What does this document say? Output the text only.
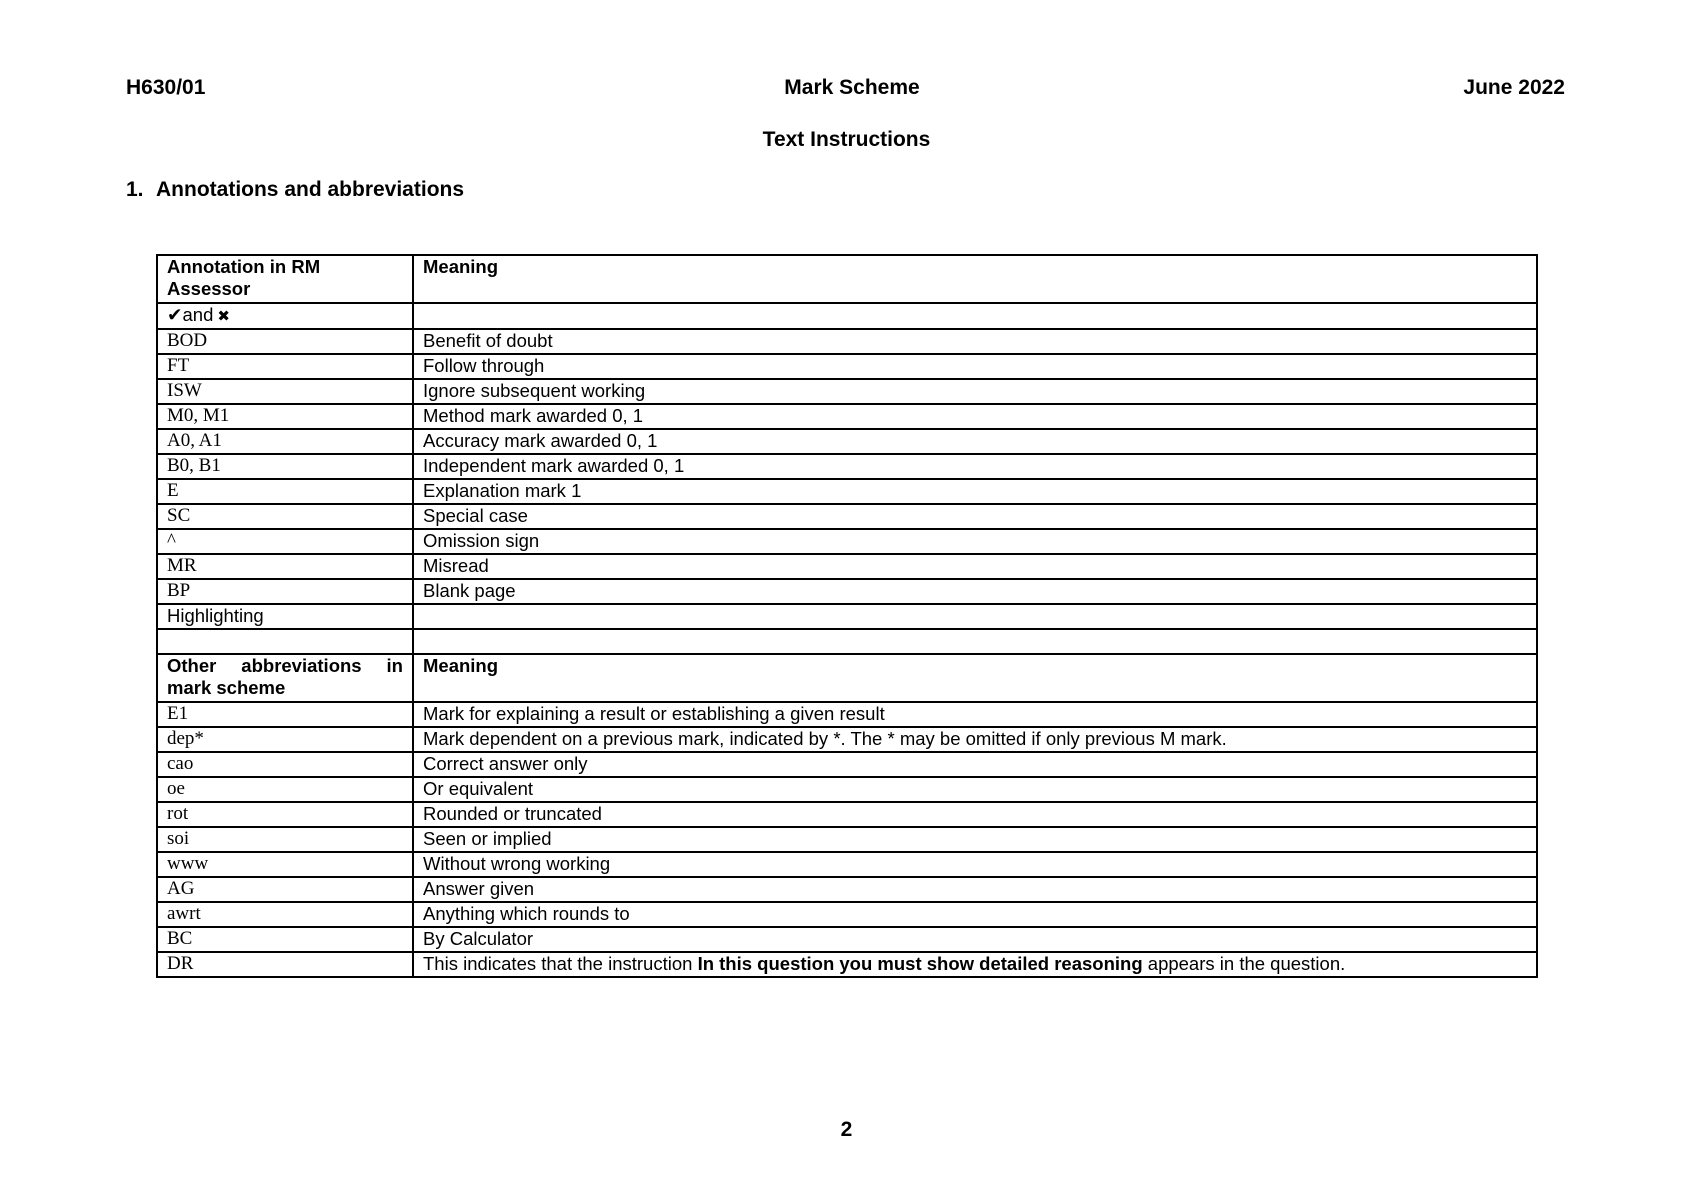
H630/01	Mark Scheme	June 2022
Text Instructions
1. Annotations and abbreviations
Annotation in RM Assessor	Meaning
✔and ✖	
BOD	Benefit of doubt
FT	Follow through
ISW	Ignore subsequent working
M0, M1	Method mark awarded 0, 1
A0, A1	Accuracy mark awarded 0, 1
B0, B1	Independent mark awarded 0, 1
E	Explanation mark 1
SC	Special case
^	Omission sign
MR	Misread
BP	Blank page
Highlighting	

Other abbreviations in mark scheme	Meaning
E1	Mark for explaining a result or establishing a given result
dep*	Mark dependent on a previous mark, indicated by *. The * may be omitted if only previous M mark.
cao	Correct answer only
oe	Or equivalent
rot	Rounded or truncated
soi	Seen or implied
www	Without wrong working
AG	Answer given
awrt	Anything which rounds to
BC	By Calculator
DR	This indicates that the instruction In this question you must show detailed reasoning appears in the question.
2
